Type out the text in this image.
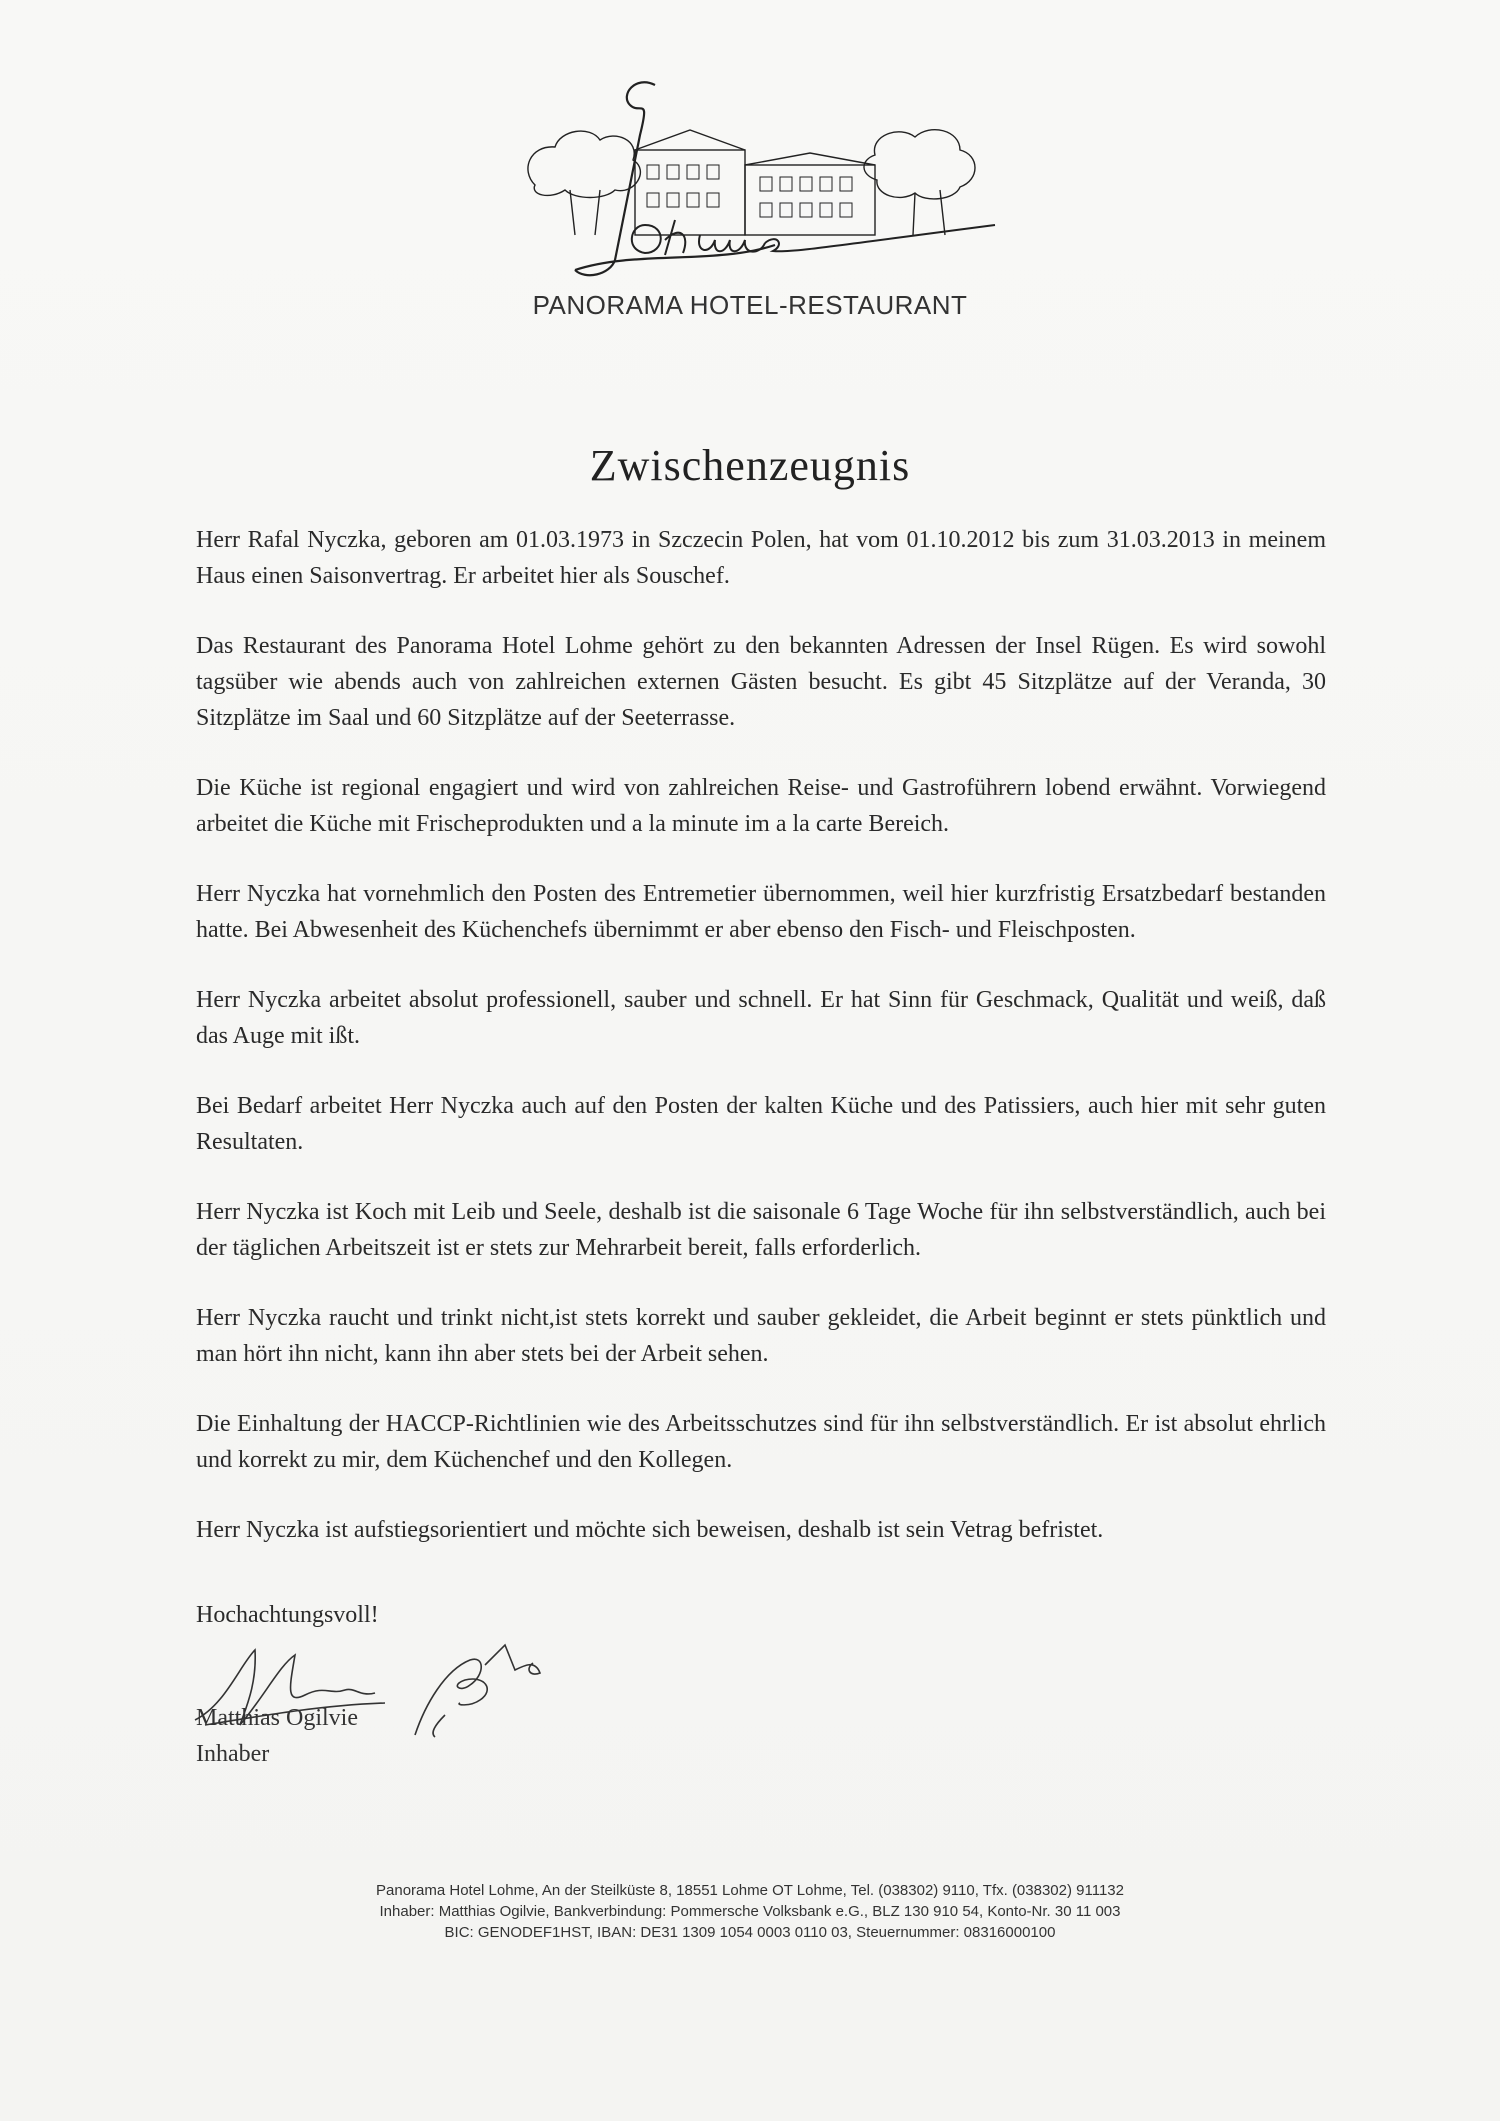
PANORAMA HOTEL-RESTAURANT
Zwischenzeugnis

Herr Rafal Nyczka, geboren am 01.03.1973 in Szczecin Polen, hat vom 01.10.2012 bis zum 31.03.2013 in meinem Haus einen Saisonvertrag. Er arbeitet hier als Souschef.

Das Restaurant des Panorama Hotel Lohme gehört zu den bekannten Adressen der Insel Rügen. Es wird sowohl tagsüber wie abends auch von zahlreichen externen Gästen besucht. Es gibt 45 Sitzplätze auf der Veranda, 30 Sitzplätze im Saal und 60 Sitzplätze auf der Seeterrasse.

Die Küche ist regional engagiert und wird von zahlreichen Reise- und Gastroführern lobend erwähnt. Vorwiegend arbeitet die Küche mit Frischeprodukten und a la minute im a la carte Bereich.

Herr Nyczka hat vornehmlich den Posten des Entremetier übernommen, weil hier kurzfristig Ersatzbedarf bestanden hatte. Bei Abwesenheit des Küchenchefs übernimmt er aber ebenso den Fisch- und Fleischposten.

Herr Nyczka arbeitet absolut professionell, sauber und schnell. Er hat Sinn für Geschmack, Qualität und weiß, daß das Auge mit ißt.

Bei Bedarf arbeitet Herr Nyczka auch auf den Posten der kalten Küche und des Patissiers, auch hier mit sehr guten Resultaten.

Herr Nyczka ist Koch mit Leib und Seele, deshalb ist die saisonale 6 Tage Woche für ihn selbstverständlich, auch bei der täglichen Arbeitszeit ist er stets zur Mehrarbeit bereit, falls erforderlich.

Herr Nyczka raucht und trinkt nicht,ist stets korrekt und sauber gekleidet, die Arbeit beginnt er stets pünktlich und man hört ihn nicht, kann ihn aber stets bei der Arbeit sehen.

Die Einhaltung der HACCP-Richtlinien wie des Arbeitsschutzes sind für ihn selbstverständlich. Er ist absolut ehrlich und korrekt zu mir, dem Küchenchef und den Kollegen.

Herr Nyczka ist aufstiegsorientiert und möchte sich beweisen, deshalb ist sein Vetrag befristet.

Hochachtungsvoll!
Matthias Ogilvie
Inhaber
Panorama Hotel Lohme, An der Steilküste 8, 18551 Lohme OT Lohme, Tel. (038302) 9110, Tfx. (038302) 911132
Inhaber: Matthias Ogilvie, Bankverbindung: Pommersche Volksbank e.G., BLZ 130 910 54, Konto-Nr. 30 11 003
BIC: GENODEF1HST, IBAN: DE31 1309 1054 0003 0110 03, Steuernummer: 08316000100
